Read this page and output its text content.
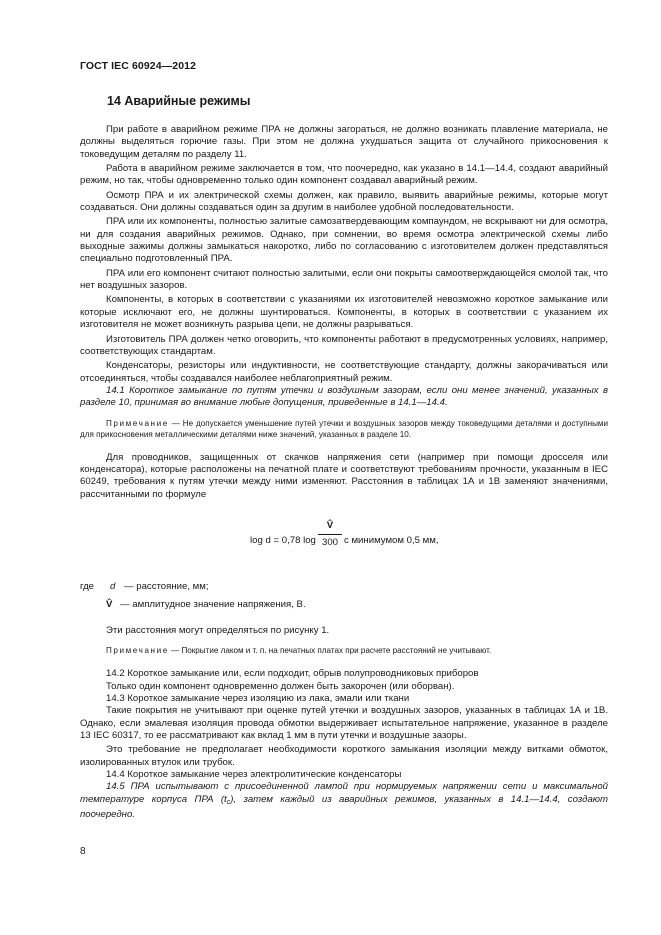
ГОСТ IEC 60924—2012
14 Аварийные режимы

При работе в аварийном режиме ПРА не должны загораться, не должно возникать плавление материала, не должны выделяться горючие газы. При этом не должна ухудшаться защита от случайного прикосновения к токоведущим деталям по разделу 11.

Работа в аварийном режиме заключается в том, что поочередно, как указано в 14.1—14.4, создают аварийный режим, но так, чтобы одновременно только один компонент создавал аварийный режим.

Осмотр ПРА и их электрической схемы должен, как правило, выявить аварийные режимы, которые могут создаваться. Они должны создаваться один за другим в наиболее удобной последовательности.

ПРА или их компоненты, полностью залитые самозатвердевающим компаундом, не вскрывают ни для осмотра, ни для создания аварийных режимов. Однако, при сомнении, во время осмотра электрической схемы либо выходные зажимы должны замыкаться накоротко, либо по согласованию с изготовителем должен представляться специально подготовленный ПРА.

ПРА или его компонент считают полностью залитыми, если они покрыты самоотверждающейся смолой так, что нет воздушных зазоров.

Компоненты, в которых в соответствии с указаниями их изготовителей невозможно короткое замыкание или которые исключают его, не должны шунтироваться. Компоненты, в которых в соответствии с указанием их изготовителя не может возникнуть разрыва цепи, не должны разрываться.

Изготовитель ПРА должен четко оговорить, что компоненты работают в предусмотренных условиях, например, соответствующих стандартам.

Конденсаторы, резисторы или индуктивности, не соответствующие стандарту, должны закорачиваться или отсоединяться, чтобы создавался наиболее неблагоприятный режим.

14.1 Короткое замыкание по путям утечки и воздушным зазорам, если они менее значений, указанных в разделе 10, принимая во внимание любые допущения, приведенные в 14.1—14.4.

Примечание — Не допускается уменьшение путей утечки и воздушных зазоров между токоведущими деталями и доступными для прикосновения металлическими деталями ниже значений, указанных в разделе 10.

Для проводников, защищенных от скачков напряжения сети (например при помощи дросселя или конденсатора), которые расположены на печатной плате и соответствуют требованиям прочности, указанным в IEC 60249, требования к путям утечки между ними изменяют. Расстояния в таблицах 1А и 1В заменяют значениями, рассчитанными по формуле

log d = 0,78 log
V̂
300 с минимумом 0,5 мм,
где d — расстояние, мм;
V̂ — амплитудное значение напряжения, В.

Эти расстояния могут определяться по рисунку 1.

Примечание — Покрытие лаком и т. п. на печатных платах при расчете расстояний не учитывают.

14.2 Короткое замыкание или, если подходит, обрыв полупроводниковых приборов

Только один компонент одновременно должен быть закорочен (или оборван).

14.3 Короткое замыкание через изоляцию из лака, эмали или ткани

Такие покрытия не учитывают при оценке путей утечки и воздушных зазоров, указанных в таблицах 1А и 1В. Однако, если эмалевая изоляция провода обмотки выдерживает испытательное напряжение, указанное в разделе 13 IEC 60317, то ее рассматривают как вклад 1 мм в пути утечки и воздушные зазоры.

Это требование не предполагает необходимости короткого замыкания изоляции между витками обмоток, изолированных втулок или трубок.

14.4 Короткое замыкание через электролитические конденсаторы

14.5 ПРА испытывают с присоединенной лампой при нормируемых напряжении сети и максимальной температуре корпуса ПРА $(t_c)$, затем каждый из аварийных режимов, указанных в 14.1—14.4, создают поочередно.

8
